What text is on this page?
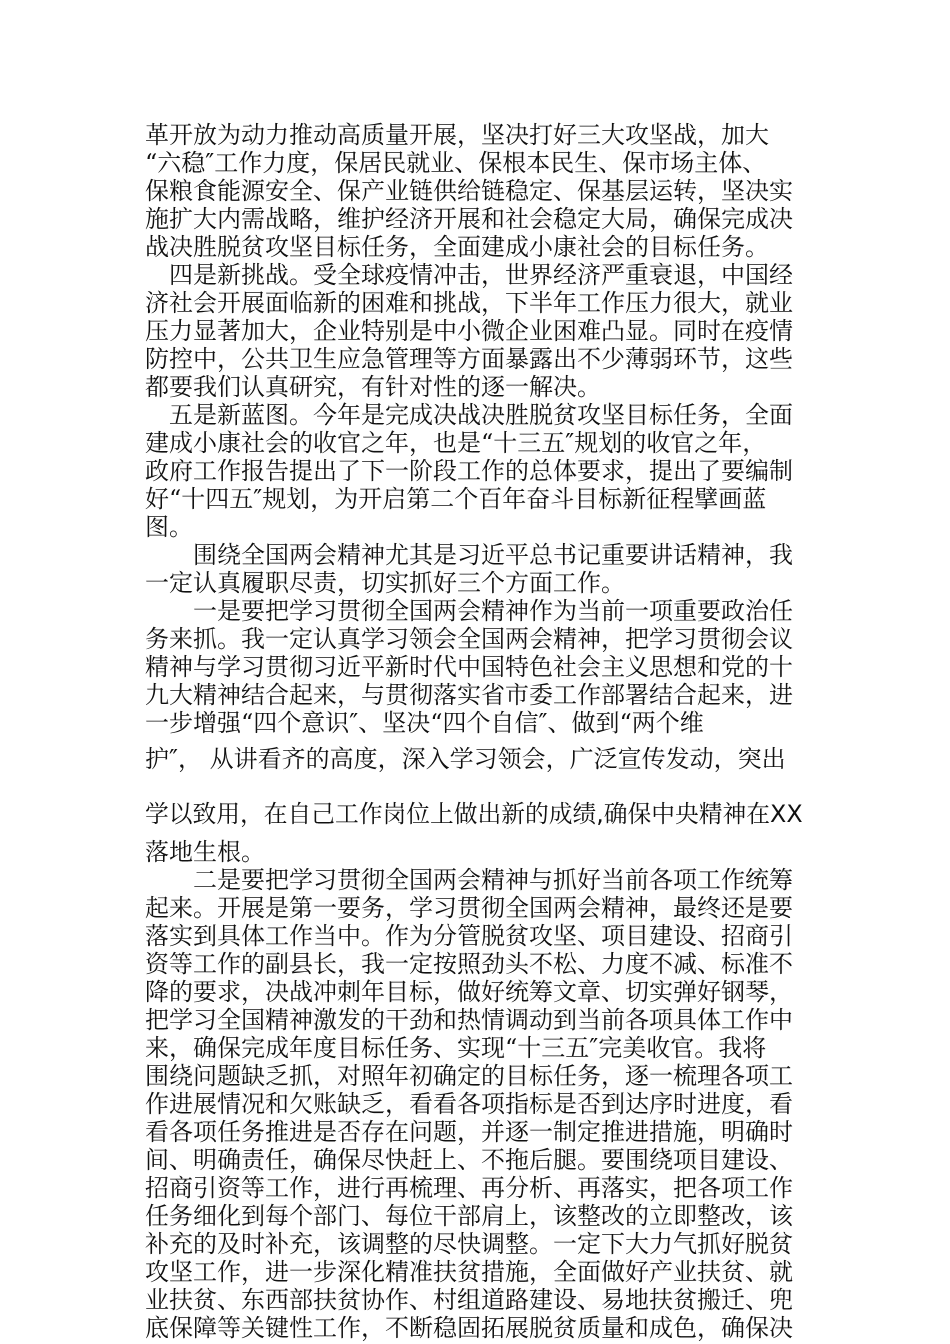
革开放为动力推动高质量开展，坚决打好三大攻坚战，加大
“六稳″工作力度，保居民就业、保根本民生、保市场主体、
保粮食能源安全、保产业链供给链稳定、保基层运转，坚决实
施扩大内需战略，维护经济开展和社会稳定大局，确保完成决
战决胜脱贫攻坚目标任务，全面建成小康社会的目标任务。
四是新挑战。受全球疫情冲击，世界经济严重衰退，中国经
济社会开展面临新的困难和挑战，下半年工作压力很大，就业
压力显著加大，企业特别是中小微企业困难凸显。同时在疫情
防控中，公共卫生应急管理等方面暴露出不少薄弱环节，这些
都要我们认真研究，有针对性的逐一解决。
五是新蓝图。今年是完成决战决胜脱贫攻坚目标任务，全面
建成小康社会的收官之年，也是“十三五″规划的收官之年，
政府工作报告提出了下一阶段工作的总体要求，提出了要编制
好“十四五″规划，为开启第二个百年奋斗目标新征程擘画蓝
图。
围绕全国两会精神尤其是习近平总书记重要讲话精神，我
一定认真履职尽责，切实抓好三个方面工作。
一是要把学习贯彻全国两会精神作为当前一项重要政治任
务来抓。我一定认真学习领会全国两会精神，把学习贯彻会议
精神与学习贯彻习近平新时代中国特色社会主义思想和党的十
九大精神结合起来，与贯彻落实省市委工作部署结合起来，进
一步增强“四个意识″、坚决“四个自信″、做到“两个维
护″， 从讲看齐的高度，深入学习领会，广泛宣传发动，突出
学以致用，在自己工作岗位上做出新的成绩,确保中央精神在XX
落地生根。
二是要把学习贯彻全国两会精神与抓好当前各项工作统筹
起来。开展是第一要务，学习贯彻全国两会精神，最终还是要
落实到具体工作当中。作为分管脱贫攻坚、项目建设、招商引
资等工作的副县长，我一定按照劲头不松、力度不减、标准不
降的要求，决战冲刺年目标，做好统筹文章、切实弹好钢琴，
把学习全国精神激发的干劲和热情调动到当前各项具体工作中
来，确保完成年度目标任务、实现“十三五″完美收官。我将
围绕问题缺乏抓，对照年初确定的目标任务，逐一梳理各项工
作进展情况和欠账缺乏，看看各项指标是否到达序时进度，看
看各项任务推进是否存在问题，并逐一制定推进措施，明确时
间、明确责任，确保尽快赶上、不拖后腿。要围绕项目建设、
招商引资等工作，进行再梳理、再分析、再落实，把各项工作
任务细化到每个部门、每位干部肩上，该整改的立即整改，该
补充的及时补充，该调整的尽快调整。一定下大力气抓好脱贫
攻坚工作，进一步深化精准扶贫措施，全面做好产业扶贫、就
业扶贫、东西部扶贫协作、村组道路建设、易地扶贫搬迁、兜
底保障等关键性工作，不断稳固拓展脱贫质量和成色，确保决
